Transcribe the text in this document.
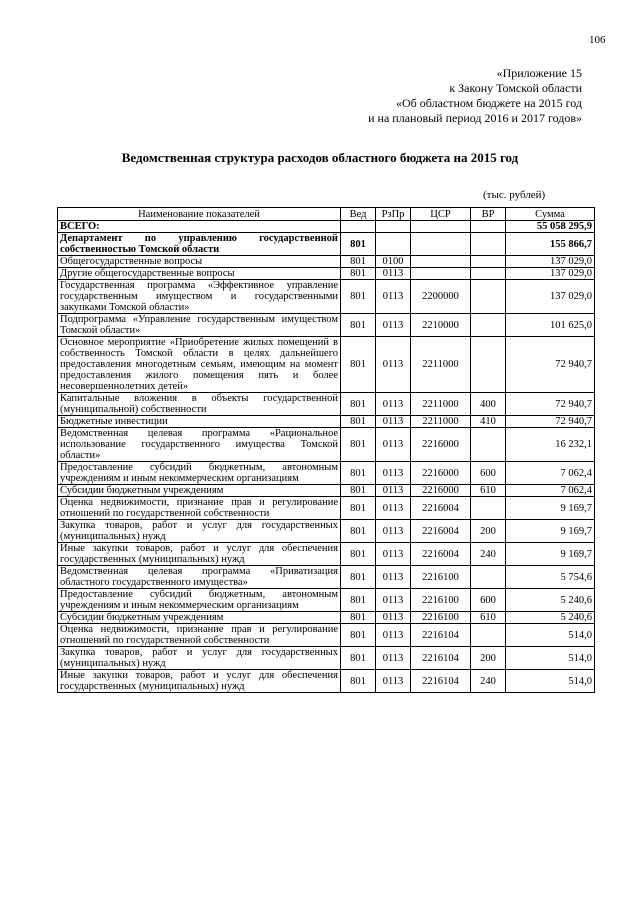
106
«Приложение 15
к Закону Томской области
«Об областном бюджете на 2015 год
и на плановый период 2016 и 2017 годов»
Ведомственная структура расходов областного бюджета на 2015 год
(тыс. рублей)
Наименование показателей	Вед	РзПр	ЦСР	ВР	Сумма
ВСЕГО:					55 058 295,9
Департамент по управлению государственной собственностью Томской области	801				155 866,7
Общегосударственные вопросы	801	0100			137 029,0
Другие общегосударственные вопросы	801	0113			137 029,0
Государственная программа «Эффективное управление государственным имуществом и государственными закупками Томской области»	801	0113	2200000		137 029,0
Подпрограмма «Управление государственным имуществом Томской области»	801	0113	2210000		101 625,0
Основное мероприятие «Приобретение жилых помещений в собственность Томской области в целях дальнейшего предоставления многодетным семьям, имеющим на момент предоставления жилого помещения пять и более несовершеннолетних детей»	801	0113	2211000		72 940,7
Капитальные вложения в объекты государственной (муниципальной) собственности	801	0113	2211000	400	72 940,7
Бюджетные инвестиции	801	0113	2211000	410	72 940,7
Ведомственная целевая программа «Рациональное использование государственного имущества Томской области»	801	0113	2216000		16 232,1
Предоставление субсидий бюджетным, автономным учреждениям и иным некоммерческим организациям	801	0113	2216000	600	7 062,4
Субсидии бюджетным учреждениям	801	0113	2216000	610	7 062,4
Оценка недвижимости, признание прав и регулирование отношений по государственной собственности	801	0113	2216004		9 169,7
Закупка товаров, работ и услуг для государственных (муниципальных) нужд	801	0113	2216004	200	9 169,7
Иные закупки товаров, работ и услуг для обеспечения государственных (муниципальных) нужд	801	0113	2216004	240	9 169,7
Ведомственная целевая программа «Приватизация областного государственного имущества»	801	0113	2216100		5 754,6
Предоставление субсидий бюджетным, автономным учреждениям и иным некоммерческим организациям	801	0113	2216100	600	5 240,6
Субсидии бюджетным учреждениям	801	0113	2216100	610	5 240,6
Оценка недвижимости, признание прав и регулирование отношений по государственной собственности	801	0113	2216104		514,0
Закупка товаров, работ и услуг для государственных (муниципальных) нужд	801	0113	2216104	200	514,0
Иные закупки товаров, работ и услуг для обеспечения государственных (муниципальных) нужд	801	0113	2216104	240	514,0
